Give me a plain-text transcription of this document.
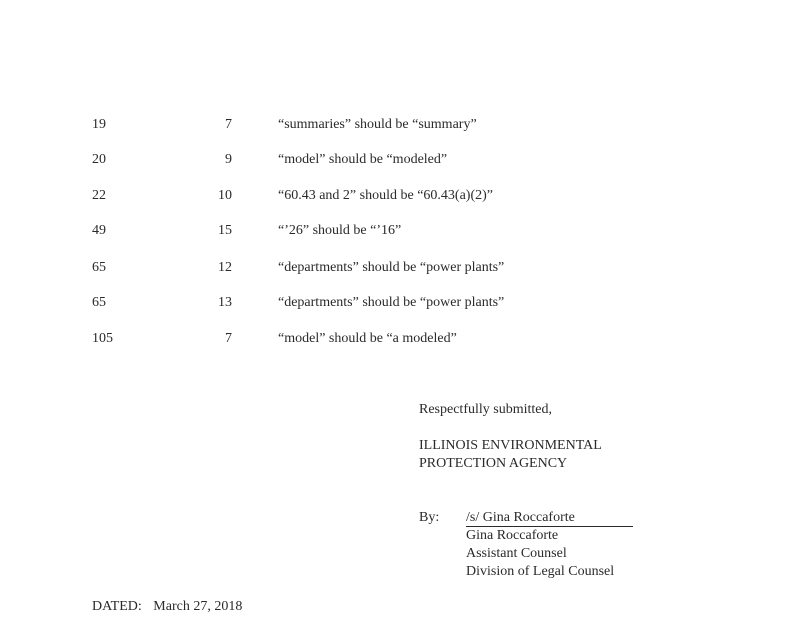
19	7	“summaries” should be “summary”
20	9	“model” should be “modeled”
22	10	“60.43 and 2” should be “60.43(a)(2)”
49	15	“’26” should be “’16”
65	12	“departments” should be “power plants”
65	13	“departments” should be “power plants”
105	7	“model” should be “a modeled”
Respectfully submitted,
ILLINOIS ENVIRONMENTAL
PROTECTION AGENCY
By: /s/ Gina Roccaforte
Gina Roccaforte
Assistant Counsel
Division of Legal Counsel
DATED: March 27, 2018
